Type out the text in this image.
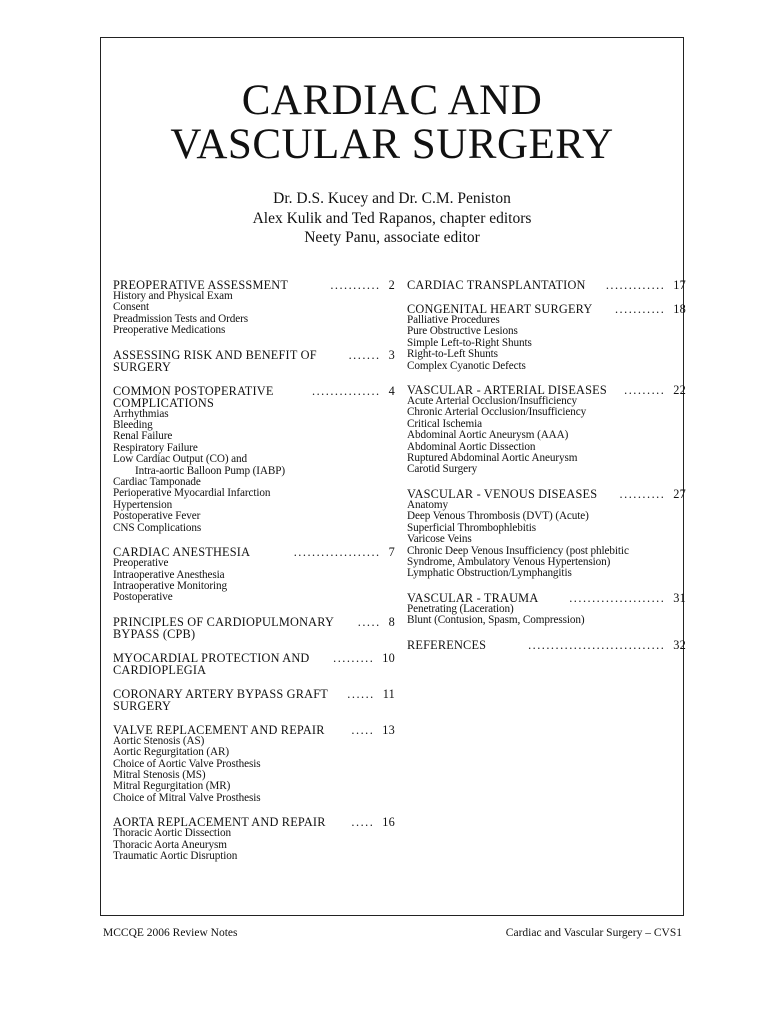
CARDIAC AND
VASCULAR SURGERY
Dr. D.S. Kucey and Dr. C.M. Peniston
Alex Kulik and Ted Rapanos, chapter editors
Neety Panu, associate editor
PREOPERATIVE ASSESSMENT	........... 2
History and Physical Exam
Consent
Preadmission Tests and Orders
Preoperative Medications
ASSESSING RISK AND BENEFIT OF	....... 3
SURGERY
COMMON POSTOPERATIVE	............... 4
COMPLICATIONS
Arrhythmias
Bleeding
Renal Failure
Respiratory Failure
Low Cardiac Output (CO) and
Intra-aortic Balloon Pump (IABP)
Cardiac Tamponade
Perioperative Myocardial Infarction
Hypertension
Postoperative Fever
CNS Complications
CARDIAC ANESTHESIA	................... 7
Preoperative
Intraoperative Anesthesia
Intraoperative Monitoring
Postoperative
PRINCIPLES OF CARDIOPULMONARY	..... 8
BYPASS (CPB)
MYOCARDIAL PROTECTION AND	......... 10
CARDIOPLEGIA
CORONARY ARTERY BYPASS GRAFT	...... 11
SURGERY
VALVE REPLACEMENT AND REPAIR	..... 13
Aortic Stenosis (AS)
Aortic Regurgitation (AR)
Choice of Aortic Valve Prosthesis
Mitral Stenosis (MS)
Mitral Regurgitation (MR)
Choice of Mitral Valve Prosthesis
AORTA REPLACEMENT AND REPAIR	..... 16
Thoracic Aortic Dissection
Thoracic Aorta Aneurysm
Traumatic Aortic Disruption
CARDIAC TRANSPLANTATION	............. 17
CONGENITAL HEART SURGERY	........... 18
Palliative Procedures
Pure Obstructive Lesions
Simple Left-to-Right Shunts
Right-to-Left Shunts
Complex Cyanotic Defects
VASCULAR - ARTERIAL DISEASES	......... 22
Acute Arterial Occlusion/Insufficiency
Chronic Arterial Occlusion/Insufficiency
Critical Ischemia
Abdominal Aortic Aneurysm (AAA)
Abdominal Aortic Dissection
Ruptured Abdominal Aortic Aneurysm
Carotid Surgery
VASCULAR - VENOUS DISEASES	.......... 27
Anatomy
Deep Venous Thrombosis (DVT) (Acute)
Superficial Thrombophlebitis
Varicose Veins
Chronic Deep Venous Insufficiency (post phlebitic
Syndrome, Ambulatory Venous Hypertension)
Lymphatic Obstruction/Lymphangitis
VASCULAR - TRAUMA	..................... 31
Penetrating (Laceration)
Blunt (Contusion, Spasm, Compression)
REFERENCES	.............................. 32
MCCQE 2006 Review Notes	Cardiac and Vascular Surgery – CVS1
